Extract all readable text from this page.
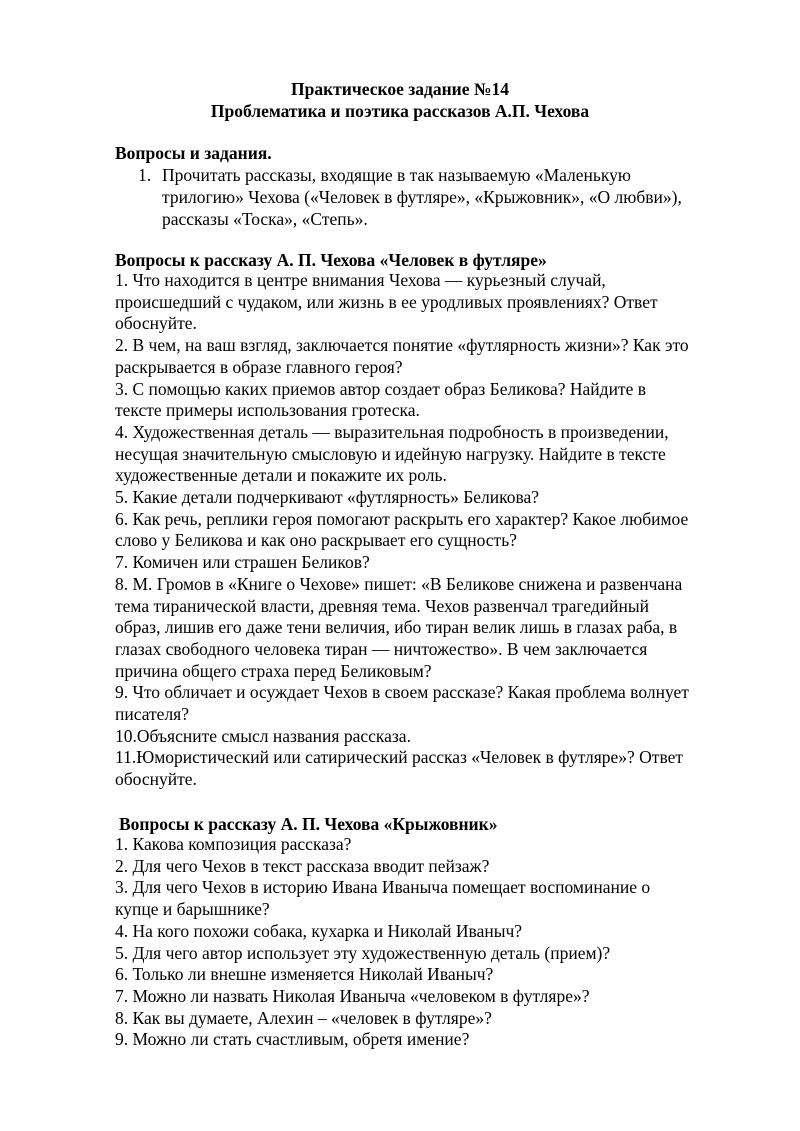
Практическое задание №14
Проблематика и поэтика рассказов А.П. Чехова
Вопросы и задания.
1. Прочитать рассказы, входящие в так называемую «Маленькую
трилогию» Чехова («Человек в футляре», «Крыжовник», «О любви»),
рассказы «Тоска», «Степь».
Вопросы к рассказу А. П. Чехова «Человек в футляре»
1. Что находится в центре внимания Чехова — курьезный случай,
происшедший с чудаком, или жизнь в ее уродливых проявлениях? Ответ
обоснуйте.
2. В чем, на ваш взгляд, заключается понятие «футлярность жизни»? Как это
раскрывается в образе главного героя?
3. С помощью каких приемов автор создает образ Беликова? Найдите в
тексте примеры использования гротеска.
4. Художественная деталь — выразительная подробность в произведении,
несущая значительную смысловую и идейную нагрузку. Найдите в тексте
художественные детали и покажите их роль.
5. Какие детали подчеркивают «футлярность» Беликова?
6. Как речь, реплики героя помогают раскрыть его характер? Какое любимое
слово у Беликова и как оно раскрывает его сущность?
7. Комичен или страшен Беликов?
8. М. Громов в «Книге о Чехове» пишет: «В Беликове снижена и развенчана
тема тиранической власти, древняя тема. Чехов развенчал трагедийный
образ, лишив его даже тени величия, ибо тиран велик лишь в глазах раба, в
глазах свободного человека тиран — ничтожество». В чем заключается
причина общего страха перед Беликовым?
9. Что обличает и осуждает Чехов в своем рассказе? Какая проблема волнует
писателя?
10.Объясните смысл названия рассказа.
11.Юмористический или сатирический рассказ «Человек в футляре»? Ответ
обоснуйте.
Вопросы к рассказу А. П. Чехова «Крыжовник»
1. Какова композиция рассказа?
2. Для чего Чехов в текст рассказа вводит пейзаж?
3. Для чего Чехов в историю Ивана Иваныча помещает воспоминание о
купце и барышнике?
4. На кого похожи собака, кухарка и Николай Иваныч?
5. Для чего автор использует эту художественную деталь (прием)?
6. Только ли внешне изменяется Николай Иваныч?
7. Можно ли назвать Николая Иваныча «человеком в футляре»?
8. Как вы думаете, Алехин – «человек в футляре»?
9. Можно ли стать счастливым, обретя имение?
